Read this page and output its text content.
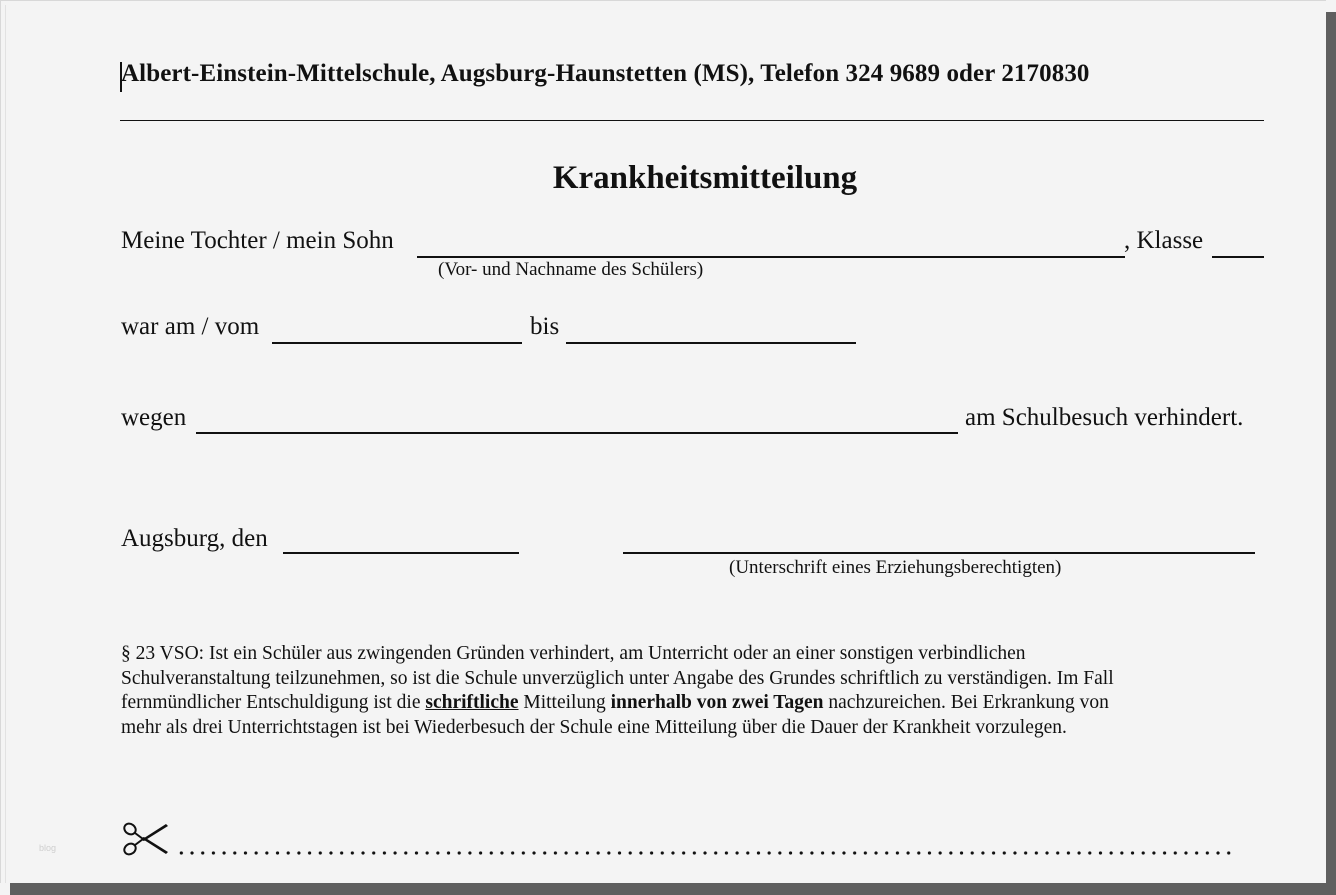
Albert-Einstein-Mittelschule, Augsburg-Haunstetten (MS), Telefon 324 9689 oder 2170830
Krankheitsmitteilung
Meine Tochter / mein Sohn	, Klasse
(Vor- und Nachname des Schülers)
war am / vom	bis
wegen	am Schulbesuch verhindert.
Augsburg, den
(Unterschrift eines Erziehungsberechtigten)

§ 23 VSO: Ist ein Schüler aus zwingenden Gründen verhindert, am Unterricht oder an einer sonstigen verbindlichen

Schulveranstaltung teilzunehmen, so ist die Schule unverzüglich unter Angabe des Grundes schriftlich zu verständigen. Im Fall

fernmündlicher Entschuldigung ist die schriftliche Mitteilung innerhalb von zwei Tagen nachzureichen. Bei Erkrankung von

mehr als drei Unterrichtstagen ist bei Wiederbesuch der Schule eine Mitteilung über die Dauer der Krankheit vorzulegen.

blog
